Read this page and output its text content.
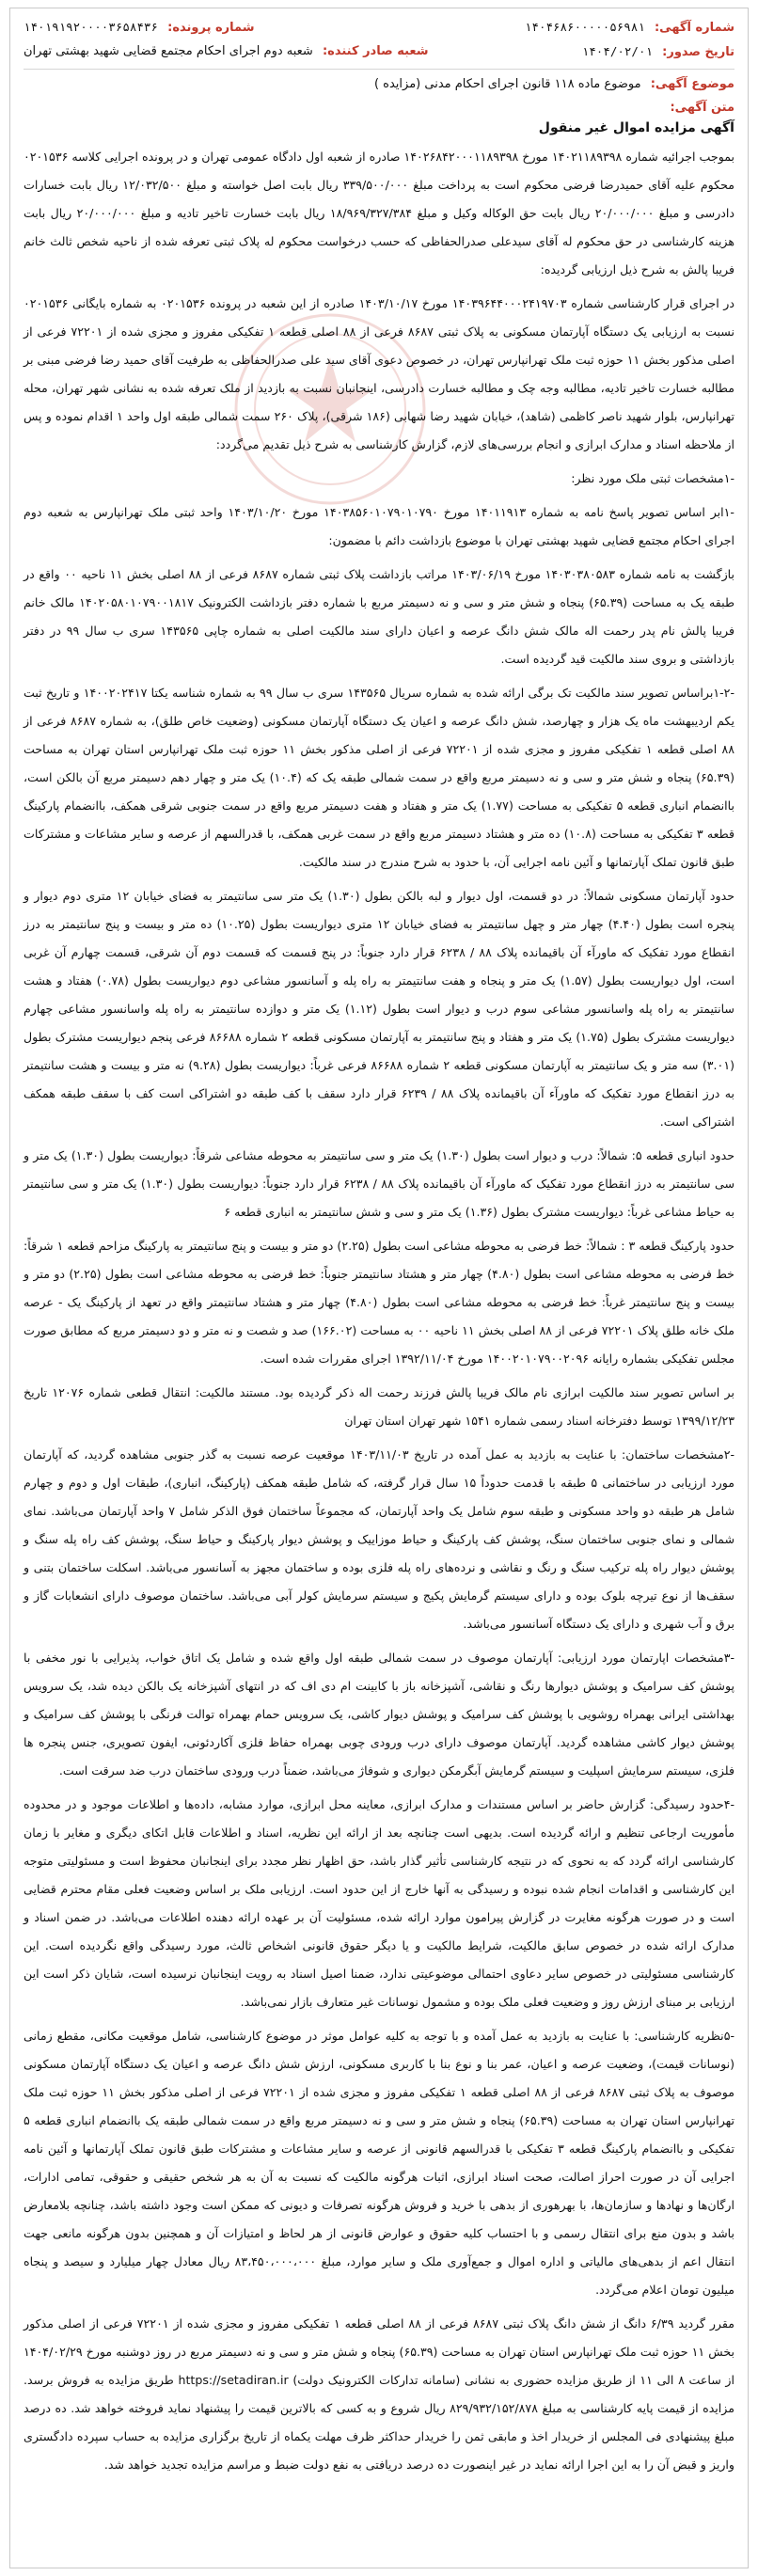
شماره آگهی: ۱۴۰۴۶۸۶۰۰۰۰۰۵۶۹۸۱
شماره پرونده: ۱۴۰۱۹۱۹۲۰۰۰۰۳۶۵۸۴۳۶
تاریخ صدور: ۱۴۰۴/۰۲/۰۱
شعبه صادر کننده: شعبه دوم اجرای احکام مجتمع قضایی شهید بهشتی تهران
موضوع آگهی: موضوع ماده ۱۱۸ قانون اجرای احکام مدنی (مزایده )
متن آگهی:
آگهی مزایده اموال غیر منقول

بموجب اجرائیه شماره ۱۴۰۲۱۱۸۹۳۹۸ مورخ ۱۴۰۲۶۸۴۲۰۰۰۱۱۸۹۳۹۸ صادره از شعبه اول دادگاه عمومی تهران و در پرونده اجرایی کلاسه ۰۲۰۱۵۳۶ محکوم علیه آقای حمیدرضا فرضی محکوم است به پرداخت مبلغ ۳۳۹/۵۰۰/۰۰۰ ریال بابت اصل خواسته و مبلغ ۱۲/۰۳۲/۵۰۰ ریال بابت خسارات دادرسی و مبلغ ۲۰/۰۰۰/۰۰۰ ریال بابت حق الوکاله وکیل و مبلغ ۱۸/۹۶۹/۳۲۷/۳۸۴ ریال بابت خسارت تاخیر تادیه و مبلغ ۲۰/۰۰۰/۰۰۰ ریال بابت هزینه کارشناسی در حق محکوم له آقای سیدعلی صدرالحفاظی که حسب درخواست محکوم له پلاک ثبتی تعرفه شده از ناحیه شخص ثالث خانم فریبا پالش به شرح ذیل ارزیابی گردیده:

در اجرای قرار کارشناسی شماره ۱۴۰۳۹۶۴۴۰۰۰۲۴۱۹۷۰۳ مورخ ۱۴۰۳/۱۰/۱۷ صادره از این شعبه در پرونده ۰۲۰۱۵۳۶ به شماره بایگانی ۰۲۰۱۵۳۶ نسبت به ارزیابی یک دستگاه آپارتمان مسکونی به پلاک ثبتی ۸۶۸۷ فرعی از ۸۸ اصلی قطعه ۱ تفکیکی مفروز و مجزی شده از ۷۲۲۰۱ فرعی از اصلی مذکور بخش ۱۱ حوزه ثبت ملک تهرانپارس تهران، در خصوص دعوی آقای سید علی صدرالحفاظی به طرفیت آقای حمید رضا فرضی مبنی بر مطالبه خسارت تاخیر تادیه، مطالبه وجه چک و مطالبه خسارت دادرسی، اینجانبان نسبت به بازدید از ملک تعرفه شده به نشانی شهر تهران، محله تهرانپارس، بلوار شهید ناصر کاظمی (شاهد)، خیابان شهید رضا شهابی (۱۸۶ شرقی)، پلاک ۲۶۰ سمت شمالی طبقه اول واحد ۱ اقدام نموده و پس از ملاحظه اسناد و مدارک ابرازی و انجام بررسی‌های لازم، گزارش کارشناسی به شرح ذیل تقدیم می‌گردد:

-۱مشخصات ثبتی ملک مورد نظر:

-۱ابر اساس تصویر پاسخ نامه به شماره ۱۴۰۱۱۹۱۳ مورخ ۱۴۰۳۸۵۶۰۱۰۷۹۰۱۰۷۹۰ مورخ ۱۴۰۳/۱۰/۲۰ واحد ثبتی ملک تهرانپارس به شعبه دوم اجرای احکام مجتمع قضایی شهید بهشتی تهران با موضوع بازداشت دائم با مضمون:

بازگشت به نامه شماره ۱۴۰۳۰۳۸۰۵۸۳ مورخ ۱۴۰۳/۰۶/۱۹ مراتب بازداشت پلاک ثبتی شماره ۸۶۸۷ فرعی از ۸۸ اصلی بخش ۱۱ ناحیه ۰۰ واقع در طبقه یک به مساحت (۶۵.۳۹) پنجاه و شش متر و سی و نه دسیمتر مربع با شماره دفتر بازداشت الکترونیک ۱۴۰۲۰۵۸۰۱۰۷۹۰۰۱۸۱۷ مالک خانم فریبا پالش نام پدر رحمت اله مالک شش دانگ عرصه و اعیان دارای سند مالکیت اصلی به شماره چاپی ۱۴۳۵۶۵ سری ب سال ۹۹ در دفتر بازداشتی و بروی سند مالکیت قید گردیده است.

-۱-۲براساس تصویر سند مالکیت تک برگی ارائه شده به شماره سریال ۱۴۳۵۶۵ سری ب سال ۹۹ به شماره شناسه یکتا ۱۴۰۰۲۰۲۴۱۷ و تاریخ ثبت یکم اردیبهشت ماه یک هزار و چهارصد، شش دانگ عرصه و اعیان یک دستگاه آپارتمان مسکونی (وضعیت خاص طلق)، به شماره ۸۶۸۷ فرعی از ۸۸ اصلی قطعه ۱ تفکیکی مفروز و مجزی شده از ۷۲۲۰۱ فرعی از اصلی مذکور بخش ۱۱ حوزه ثبت ملک تهرانپارس استان تهران به مساحت (۶۵.۳۹) پنجاه و شش متر و سی و نه دسیمتر مربع واقع در سمت شمالی طبقه یک که (۱۰.۴) یک متر و چهار دهم دسیمتر مربع آن بالکن است، باانضمام انباری قطعه ۵ تفکیکی به مساحت (۱.۷۷) یک متر و هفتاد و هفت دسیمتر مربع واقع در سمت جنوبی شرقی همکف، باانضمام پارکینگ قطعه ۳ تفکیکی به مساحت (۱۰.۸) ده متر و هشتاد دسیمتر مربع واقع در سمت غربی همکف، با قدرالسهم از عرصه و سایر مشاعات و مشترکات طبق قانون تملک آپارتمانها و آئین نامه اجرایی آن، با حدود به شرح مندرج در سند مالکیت.

حدود آپارتمان مسکونی شمالاً: در دو قسمت، اول دیوار و لبه بالکن بطول (۱.۳۰) یک متر سی سانتیمتر به فضای خیابان ۱۲ متری دوم دیوار و پنجره است بطول (۴.۴۰) چهار متر و چهل سانتیمتر به فضای خیابان ۱۲ متری دیواریست بطول (۱۰.۲۵) ده متر و بیست و پنج سانتیمتر به درز انقطاع مورد تفکیک که ماورآء آن باقیمانده پلاک ۸۸ / ۶۲۳۸ قرار دارد جنوباً: در پنج قسمت که قسمت دوم آن شرقی، قسمت چهارم آن غربی است، اول دیواریست بطول (۱.۵۷) یک متر و پنجاه و هفت سانتیمتر به راه پله و آسانسور مشاعی دوم دیواریست بطول (۰.۷۸) هفتاد و هشت سانتیمتر به راه پله واسانسور مشاعی سوم درب و دیوار است بطول (۱.۱۲) یک متر و دوازده سانتیمتر به راه پله واسانسور مشاعی چهارم دیواریست مشترک بطول (۱.۷۵) یک متر و هفتاد و پنج سانتیمتر به آپارتمان مسکونی قطعه ۲ شماره ۸۶۶۸۸ فرعی پنجم دیواریست مشترک بطول (۳.۰۱) سه متر و یک سانتیمتر به آپارتمان مسکونی قطعه ۲ شماره ۸۶۶۸۸ فرعی غرباً: دیواریست بطول (۹.۲۸) نه متر و بیست و هشت سانتیمتر به درز انقطاع مورد تفکیک که ماورآء آن باقیمانده پلاک ۸۸ / ۶۲۳۹ قرار دارد سقف با کف طبقه دو اشتراکی است کف با سقف طبقه همکف اشتراکی است.

حدود انباری قطعه ۵: شمالاً: درب و دیوار است بطول (۱.۳۰) یک متر و سی سانتیمتر به محوطه مشاعی شرقاً: دیواریست بطول (۱.۳۰) یک متر و سی سانتیمتر به درز انقطاع مورد تفکیک که ماورآء آن باقیمانده پلاک ۸۸ / ۶۲۳۸ قرار دارد جنوباً: دیواریست بطول (۱.۳۰) یک متر و سی سانتیمتر به حیاط مشاعی غرباً: دیواریست مشترک بطول (۱.۳۶) یک متر و سی و شش سانتیمتر به انباری قطعه ۶

حدود پارکینگ قطعه ۳ : شمالاً: خط فرضی به محوطه مشاعی است بطول (۲.۲۵) دو متر و بیست و پنج سانتیمتر به پارکینگ مزاحم قطعه ۱ شرقاً: خط فرضی به محوطه مشاعی است بطول (۴.۸۰) چهار متر و هشتاد سانتیمتر جنوباً: خط فرضی به محوطه مشاعی است بطول (۲.۲۵) دو متر و بیست و پنج سانتیمتر غرباً: خط فرضی به محوطه مشاعی است بطول (۴.۸۰) چهار متر و هشتاد سانتیمتر واقع در تعهد از پارکینگ یک - عرصه ملک خانه طلق پلاک ۷۲۲۰۱ فرعی از ۸۸ اصلی بخش ۱۱ ناحیه ۰۰ به مساحت (۱۶۶.۰۲) صد و شصت و نه متر و دو دسیمتر مربع که مطابق صورت مجلس تفکیکی بشماره رایانه ۱۴۰۰۲۰۱۰۷۹۰۰۲۰۹۶ مورخ ۱۳۹۲/۱۱/۰۴ اجرای مقررات شده است.

بر اساس تصویر سند مالکیت ابرازی نام مالک فریبا پالش فرزند رحمت اله ذکر گردیده بود. مستند مالکیت: انتقال قطعی شماره ۱۲۰۷۶ تاریخ ۱۳۹۹/۱۲/۲۳ توسط دفترخانه اسناد رسمی شماره ۱۵۴۱ شهر تهران استان تهران

-۲مشخصات ساختمان: با عنایت به بازدید به عمل آمده در تاریخ ۱۴۰۳/۱۱/۰۳ موقعیت عرصه نسبت به گذر جنوبی مشاهده گردید، که آپارتمان مورد ارزیابی در ساختمانی ۵ طبقه با قدمت حدوداً ۱۵ سال قرار گرفته، که شامل طبقه همکف (پارکینگ، انباری)، طبقات اول و دوم و چهارم شامل هر طبقه دو واحد مسکونی و طبقه سوم شامل یک واحد آپارتمان، که مجموعاً ساختمان فوق الذکر شامل ۷ واحد آپارتمان می‌باشد. نمای شمالی و نمای جنوبی ساختمان سنگ، پوشش کف پارکینگ و حیاط موزاییک و پوشش دیوار پارکینگ و حیاط سنگ، پوشش کف راه پله سنگ و پوشش دیوار راه پله ترکیب سنگ و رنگ و نقاشی و نرده‌های راه پله فلزی بوده و ساختمان مجهز به آسانسور می‌باشد. اسکلت ساختمان بتنی و سقف‌ها از نوع تیرچه بلوک بوده و دارای سیستم گرمایش پکیج و سیستم سرمایش کولر آبی می‌باشد. ساختمان موصوف دارای انشعابات گاز و برق و آب شهری و دارای یک دستگاه آسانسور می‌باشد.

-۳مشخصات اپارتمان مورد ارزیابی: آپارتمان موصوف در سمت شمالی طبقه اول واقع شده و شامل یک اتاق خواب، پذیرایی با نور مخفی با پوشش کف سرامیک و پوشش دیوارها رنگ و نقاشی، آشپزخانه باز با کابینت ام دی اف که در انتهای آشپزخانه یک بالکن دیده شد، یک سرویس بهداشتی ایرانی بهمراه روشویی با پوشش کف سرامیک و پوشش دیوار کاشی، یک سرویس حمام بهمراه توالت فرنگی با پوشش کف سرامیک و پوشش دیوار کاشی مشاهده گردید. آپارتمان موصوف دارای درب ورودی چوبی بهمراه حفاظ فلزی آکاردئونی، ایفون تصویری، جنس پنجره ها فلزی، سیستم سرمایش اسپلیت و سیستم گرمایش آبگرمکن دیواری و شوفاژ می‌باشد، ضمناً درب ورودی ساختمان درب ضد سرقت است.

-۴حدود رسیدگی: گزارش حاضر بر اساس مستندات و مدارک ابرازی، معاینه محل ابرازی، موارد مشابه، داده‌ها و اطلاعات موجود و در محدوده مأموریت ارجاعی تنظیم و ارائه گردیده است. بدیهی است چنانچه بعد از ارائه این نظریه، اسناد و اطلاعات قابل اتکای دیگری و مغایر با زمان کارشناسی ارائه گردد که به نحوی که در نتیجه کارشناسی تأثیر گذار باشد، حق اظهار نظر مجدد برای اینجانبان محفوظ است و مسئولیتی متوجه این کارشناسی و اقدامات انجام شده نبوده و رسیدگی به آنها خارج از این حدود است. ارزیابی ملک بر اساس وضعیت فعلی مقام محترم قضایی است و در صورت هرگونه مغایرت در گزارش پیرامون موارد ارائه شده، مسئولیت آن بر عهده ارائه دهنده اطلاعات می‌باشد. در ضمن اسناد و مدارک ارائه شده در خصوص سابق مالکیت، شرایط مالکیت و یا دیگر حقوق قانونی اشخاص ثالث، مورد رسیدگی واقع نگردیده است. این کارشناسی مسئولیتی در خصوص سایر دعاوی احتمالی موضوعیتی ندارد، ضمنا اصیل اسناد به رویت اینجانبان نرسیده است، شایان ذکر است این ارزیابی بر مبنای ارزش روز و وضعیت فعلی ملک بوده و مشمول نوسانات غیر متعارف بازار نمی‌باشد.

-۵نظریه کارشناسی: با عنایت به بازدید به عمل آمده و با توجه به کلیه عوامل موثر در موضوع کارشناسی، شامل موقعیت مکانی، مقطع زمانی (نوسانات قیمت)، وضعیت عرصه و اعیان، عمر بنا و نوع بنا با کاربری مسکونی، ارزش شش دانگ عرصه و اعیان یک دستگاه آپارتمان مسکونی موصوف به پلاک ثبتی ۸۶۸۷ فرعی از ۸۸ اصلی قطعه ۱ تفکیکی مفروز و مجزی شده از ۷۲۲۰۱ فرعی از اصلی مذکور بخش ۱۱ حوزه ثبت ملک تهرانپارس استان تهران به مساحت (۶۵.۳۹) پنجاه و شش متر و سی و نه دسیمتر مربع واقع در سمت شمالی طبقه یک باانضمام انباری قطعه ۵ تفکیکی و باانضمام پارکینگ قطعه ۳ تفکیکی با قدرالسهم قانونی از عرصه و سایر مشاعات و مشترکات طبق قانون تملک آپارتمانها و آئین نامه اجرایی آن در صورت احراز اصالت، صحت اسناد ابرازی، اثبات هرگونه مالکیت که نسبت به آن به هر شخص حقیقی و حقوقی، تمامی ادارات، ارگان‌ها و نهادها و سازمان‌ها، با بهرهوری از بدهی با خرید و فروش هرگونه تصرفات و دیونی که ممکن است وجود داشته باشد، چنانچه بلامعارض باشد و بدون منع برای انتقال رسمی و با احتساب کلیه حقوق و عوارض قانونی از هر لحاظ و امتیازات آن و همچنین بدون هرگونه مانعی جهت انتقال اعم از بدهی‌های مالیاتی و اداره اموال و جمع‌آوری ملک و سایر موارد، مبلغ ۸۳،۴۵۰،۰۰۰،۰۰۰ ریال معادل چهار میلیارد و سیصد و پنجاه میلیون تومان اعلام می‌گردد.

مقرر گردید ۶/۳۹ دانگ از شش دانگ پلاک ثبتی ۸۶۸۷ فرعی از ۸۸ اصلی قطعه ۱ تفکیکی مفروز و مجزی شده از ۷۲۲۰۱ فرعی از اصلی مذکور بخش ۱۱ حوزه ثبت ملک تهرانپارس استان تهران به مساحت (۶۵.۳۹) پنجاه و شش متر و سی و نه دسیمتر مربع در روز دوشنبه مورخ ۱۴۰۴/۰۲/۲۹ از ساعت ۸ الی ۱۱ از طریق مزایده حضوری به نشانی (سامانه تدارکات الکترونیک دولت) https://setadiran.ir طریق مزایده به فروش برسد. مزایده از قیمت پایه کارشناسی به مبلغ ۸۲۹/۹۳۲/۱۵۲/۸۷۸ ریال شروع و به کسی که بالاترین قیمت را پیشنهاد نماید فروخته خواهد شد. ده درصد مبلغ پیشنهادی فی المجلس از خریدار اخذ و مابقی ثمن را خریدار حداکثر ظرف مهلت یکماه از تاریخ برگزاری مزایده به حساب سپرده دادگستری واریز و قبض آن را به این اجرا ارائه نماید در غیر اینصورت ده درصد دریافتی به نفع دولت ضبط و مراسم مزایده تجدید خواهد شد.
